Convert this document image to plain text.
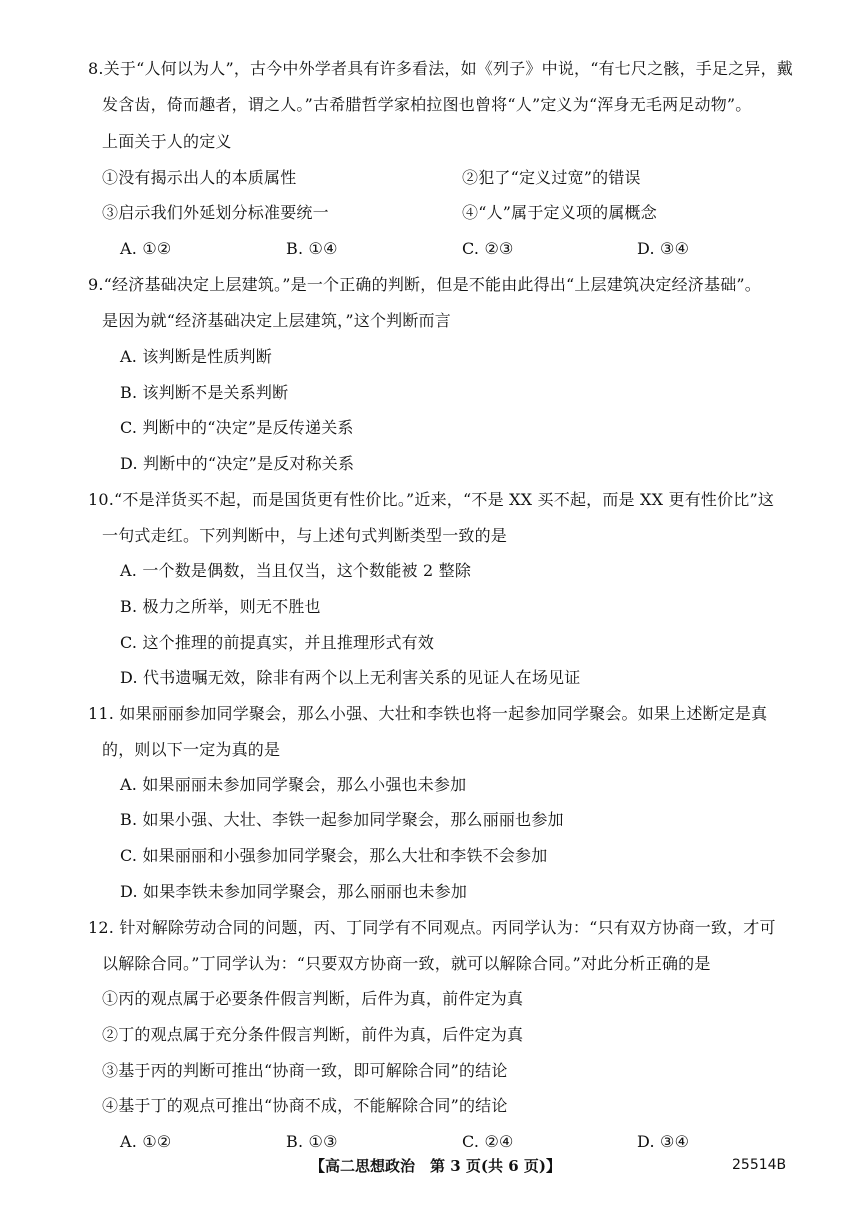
8.关于“人何以为人”，古今中外学者具有许多看法，如《列子》中说，“有七尺之骸，手足之异，戴
发含齿，倚而趣者，谓之人。”古希腊哲学家柏拉图也曾将“人”定义为“浑身无毛两足动物”。
上面关于人的定义
①没有揭示出人的本质属性	②犯了“定义过宽”的错误
③启示我们外延划分标准要统一	④“人”属于定义项的属概念
A. ①②	B. ①④	C. ②③	D. ③④
9.“经济基础决定上层建筑。”是一个正确的判断，但是不能由此得出“上层建筑决定经济基础”。
是因为就“经济基础决定上层建筑，”这个判断而言
A. 该判断是性质判断
B. 该判断不是关系判断
C. 判断中的“决定”是反传递关系
D. 判断中的“决定”是反对称关系
10.“不是洋货买不起，而是国货更有性价比。”近来，“不是 XX 买不起，而是 XX 更有性价比”这
一句式走红。下列判断中，与上述句式判断类型一致的是
A. 一个数是偶数，当且仅当，这个数能被 2 整除
B. 极力之所举，则无不胜也
C. 这个推理的前提真实，并且推理形式有效
D. 代书遗嘱无效，除非有两个以上无利害关系的见证人在场见证
11. 如果丽丽参加同学聚会，那么小强、大壮和李铁也将一起参加同学聚会。如果上述断定是真
的，则以下一定为真的是
A. 如果丽丽未参加同学聚会，那么小强也未参加
B. 如果小强、大壮、李铁一起参加同学聚会，那么丽丽也参加
C. 如果丽丽和小强参加同学聚会，那么大壮和李铁不会参加
D. 如果李铁未参加同学聚会，那么丽丽也未参加
12. 针对解除劳动合同的问题，丙、丁同学有不同观点。丙同学认为：“只有双方协商一致，才可
以解除合同。”丁同学认为：“只要双方协商一致，就可以解除合同。”对此分析正确的是
①丙的观点属于必要条件假言判断，后件为真，前件定为真
②丁的观点属于充分条件假言判断，前件为真，后件定为真
③基于丙的判断可推出“协商一致，即可解除合同”的结论
④基于丁的观点可推出“协商不成，不能解除合同”的结论
A. ①②	B. ①③	C. ②④	D. ③④
【高二思想政治　第 3 页(共 6 页)】	25514B
